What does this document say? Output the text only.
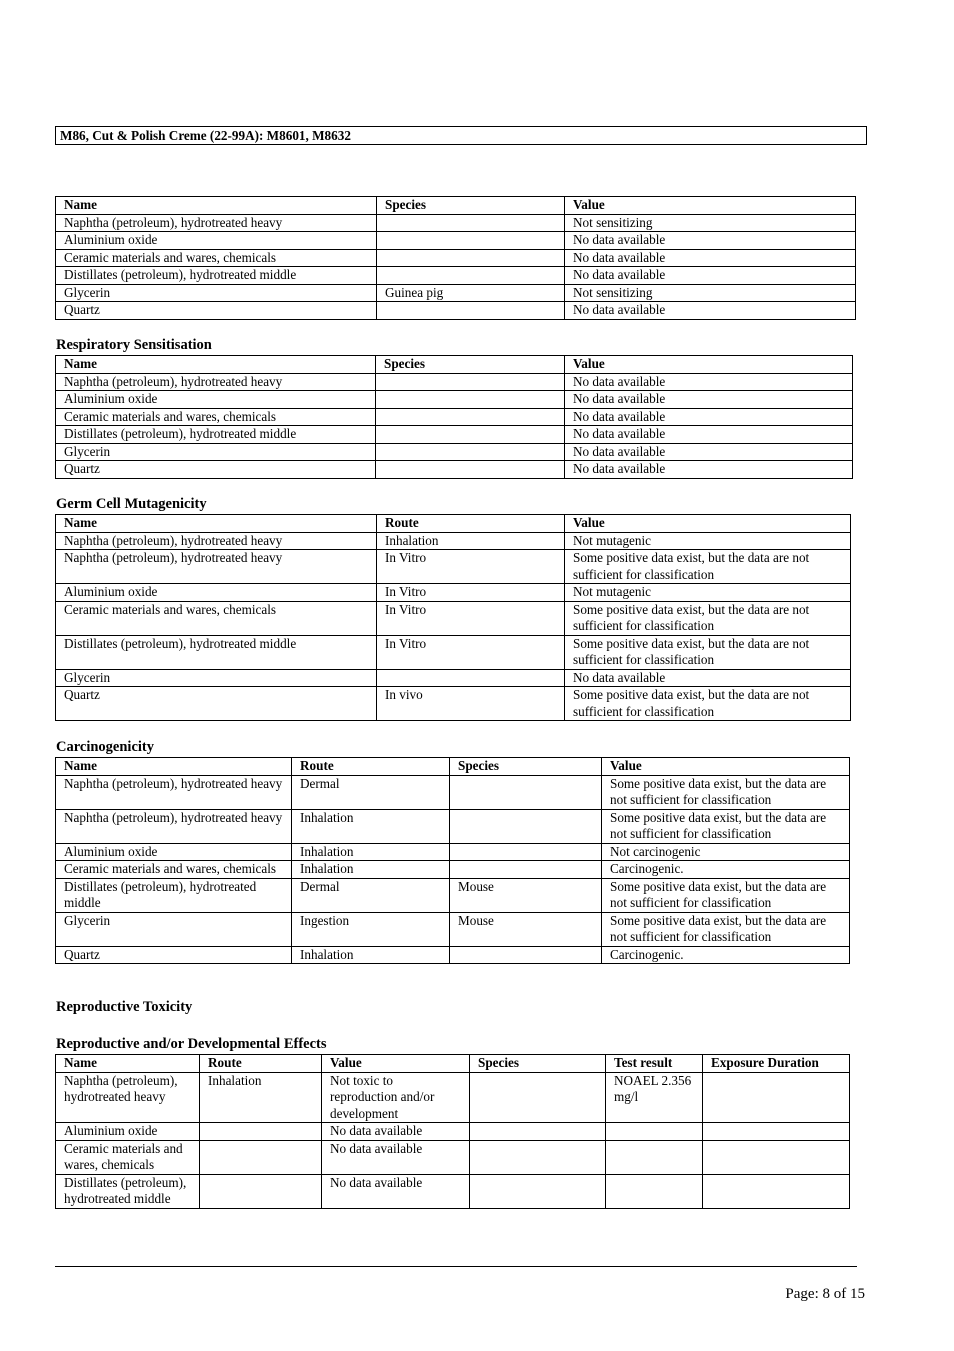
M86, Cut & Polish Creme (22-99A): M8601, M8632
Name	Species	Value
Naphtha (petroleum), hydrotreated heavy		Not sensitizing
Aluminium oxide		No data available
Ceramic materials and wares, chemicals		No data available
Distillates (petroleum), hydrotreated middle		No data available
Glycerin	Guinea pig	Not sensitizing
Quartz		No data available
Respiratory Sensitisation
Name	Species	Value
Naphtha (petroleum), hydrotreated heavy		No data available
Aluminium oxide		No data available
Ceramic materials and wares, chemicals		No data available
Distillates (petroleum), hydrotreated middle		No data available
Glycerin		No data available
Quartz		No data available
Germ Cell Mutagenicity
Name	Route	Value
Naphtha (petroleum), hydrotreated heavy	Inhalation	Not mutagenic
Naphtha (petroleum), hydrotreated heavy	In Vitro	Some positive data exist, but the data are not sufficient for classification
Aluminium oxide	In Vitro	Not mutagenic
Ceramic materials and wares, chemicals	In Vitro	Some positive data exist, but the data are not sufficient for classification
Distillates (petroleum), hydrotreated middle	In Vitro	Some positive data exist, but the data are not sufficient for classification
Glycerin		No data available
Quartz	In vivo	Some positive data exist, but the data are not sufficient for classification
Carcinogenicity
Name	Route	Species	Value
Naphtha (petroleum), hydrotreated heavy	Dermal		Some positive data exist, but the data are not sufficient for classification
Naphtha (petroleum), hydrotreated heavy	Inhalation		Some positive data exist, but the data are not sufficient for classification
Aluminium oxide	Inhalation		Not carcinogenic
Ceramic materials and wares, chemicals	Inhalation		Carcinogenic.
Distillates (petroleum), hydrotreated middle	Dermal	Mouse	Some positive data exist, but the data are not sufficient for classification
Glycerin	Ingestion	Mouse	Some positive data exist, but the data are not sufficient for classification
Quartz	Inhalation		Carcinogenic.
Reproductive Toxicity
Reproductive and/or Developmental Effects
Name	Route	Value	Species	Test result	Exposure Duration
Naphtha (petroleum), hydrotreated heavy	Inhalation	Not toxic to reproduction and/or development		NOAEL 2.356 mg/l	
Aluminium oxide		No data available			
Ceramic materials and wares, chemicals		No data available			
Distillates (petroleum), hydrotreated middle		No data available			
Page: 8 of 15
